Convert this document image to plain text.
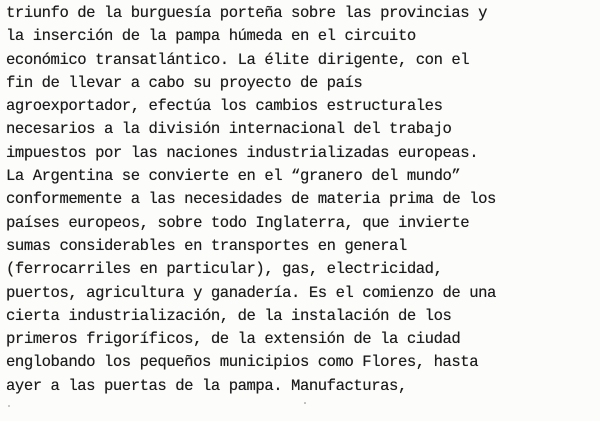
triunfo de la burguesía porteña sobre las provincias y
la inserción de la pampa húmeda en el circuito
económico transatlántico. La élite dirigente, con el
fin de llevar a cabo su proyecto de país
agroexportador, efectúa los cambios estructurales
necesarios a la división internacional del trabajo
impuestos por las naciones industrializadas europeas.
La Argentina se convierte en el “granero del mundo”
conformemente a las necesidades de materia prima de los
países europeos, sobre todo Inglaterra, que invierte
sumas considerables en transportes en general
(ferrocarriles en particular), gas, electricidad,
puertos, agricultura y ganadería. Es el comienzo de una
cierta industrialización, de la instalación de los
primeros frigoríficos, de la extensión de la ciudad
englobando los pequeños municipios como Flores, hasta
ayer a las puertas de la pampa. Manufacturas,
